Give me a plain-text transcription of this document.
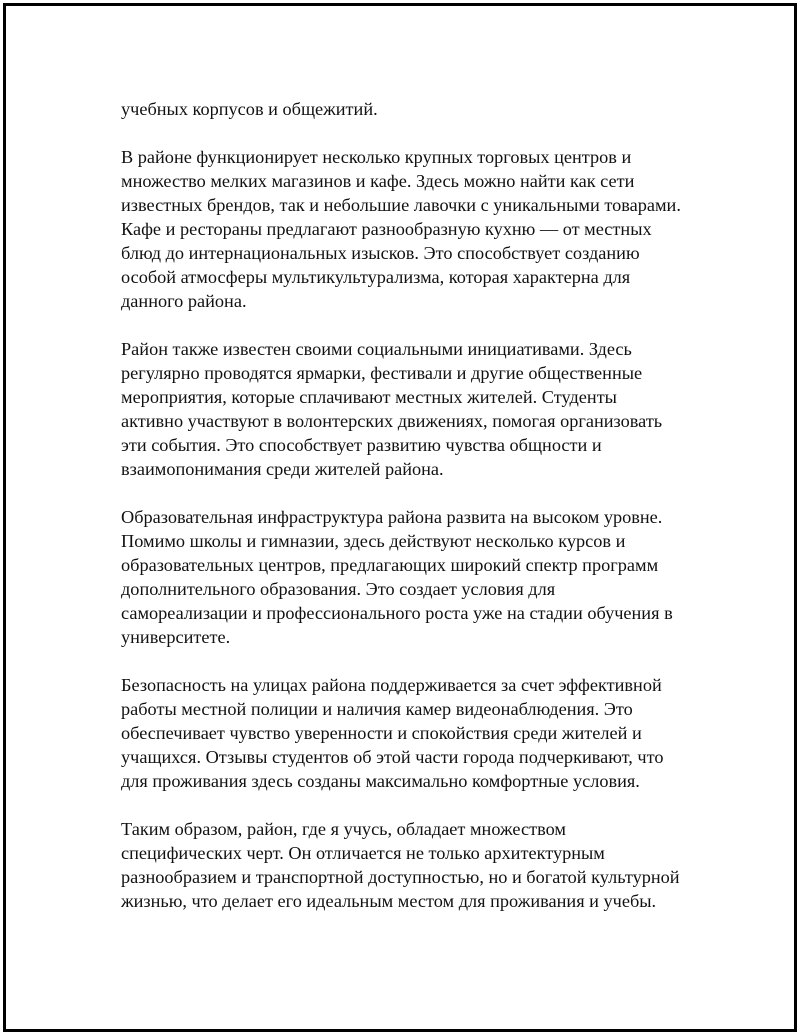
учебных корпусов и общежитий.

В районе функционирует несколько крупных торговых центров и
множество мелких магазинов и кафе. Здесь можно найти как сети
известных брендов, так и небольшие лавочки с уникальными товарами.
Кафе и рестораны предлагают разнообразную кухню — от местных
блюд до интернациональных изысков. Это способствует созданию
особой атмосферы мультикультурализма, которая характерна для
данного района.

Район также известен своими социальными инициативами. Здесь
регулярно проводятся ярмарки, фестивали и другие общественные
мероприятия, которые сплачивают местных жителей. Студенты
активно участвуют в волонтерских движениях, помогая организовать
эти события. Это способствует развитию чувства общности и
взаимопонимания среди жителей района.

Образовательная инфраструктура района развита на высоком уровне.
Помимо школы и гимназии, здесь действуют несколько курсов и
образовательных центров, предлагающих широкий спектр программ
дополнительного образования. Это создает условия для
самореализации и профессионального роста уже на стадии обучения в
университете.

Безопасность на улицах района поддерживается за счет эффективной
работы местной полиции и наличия камер видеонаблюдения. Это
обеспечивает чувство уверенности и спокойствия среди жителей и
учащихся. Отзывы студентов об этой части города подчеркивают, что
для проживания здесь созданы максимально комфортные условия.

Таким образом, район, где я учусь, обладает множеством
специфических черт. Он отличается не только архитектурным
разнообразием и транспортной доступностью, но и богатой культурной
жизнью, что делает его идеальным местом для проживания и учебы.
